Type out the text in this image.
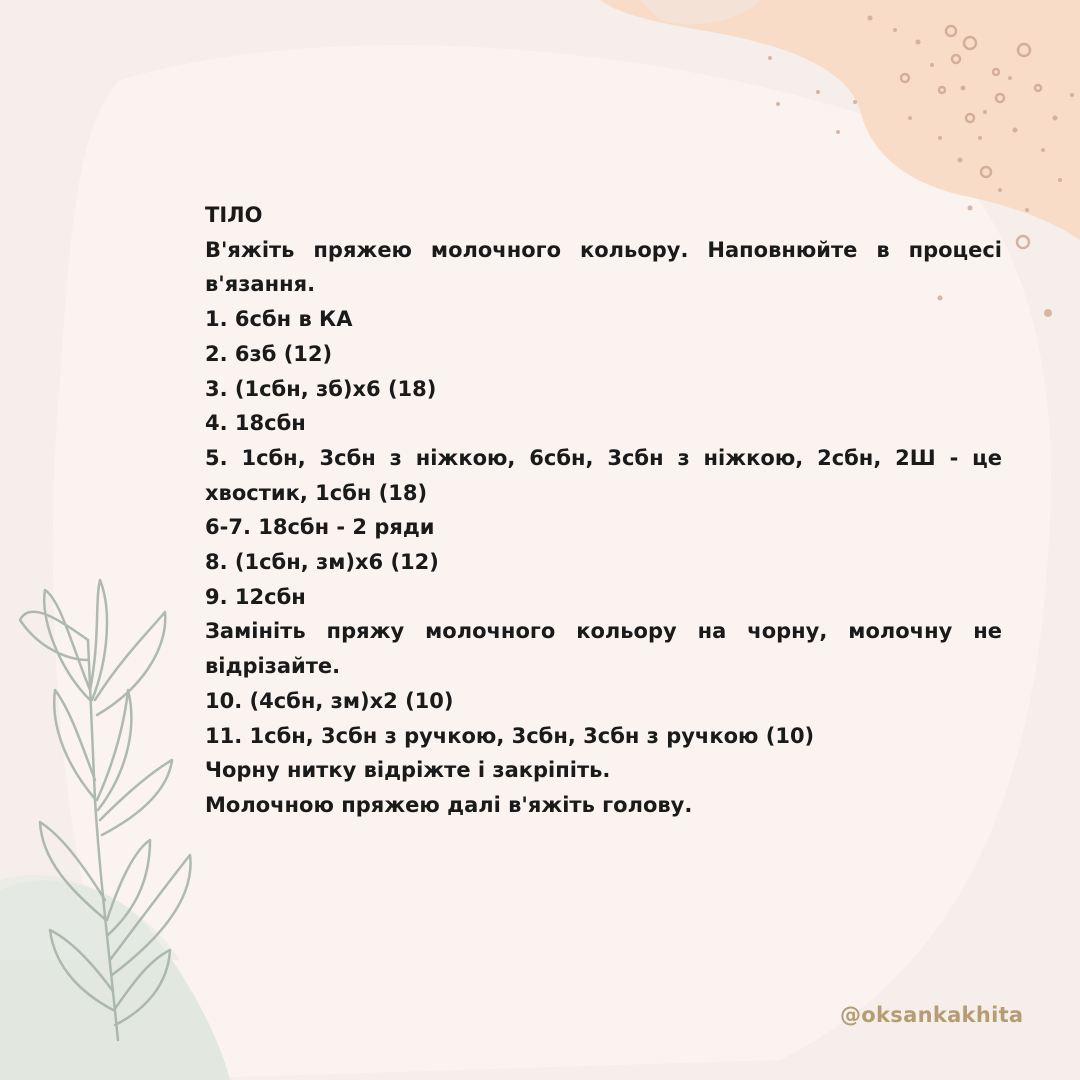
ТІЛО
В'яжіть пряжею молочного кольору. Наповнюйте в процесі
в'язання.
1. 6сбн в КА
2. 6зб (12)
3. (1сбн, зб)х6 (18)
4. 18сбн
5. 1сбн, 3сбн з ніжкою, 6сбн, 3сбн з ніжкою, 2сбн, 2Ш - це
хвостик, 1сбн (18)
6-7. 18сбн - 2 ряди
8. (1сбн, зм)х6 (12)
9. 12сбн
Замініть пряжу молочного кольору на чорну, молочну не
відрізайте.
10. (4сбн, зм)х2 (10)
11. 1сбн, 3сбн з ручкою, 3сбн, 3сбн з ручкою (10)
Чорну нитку відріжте і закріпіть.
Молочною пряжею далі в'яжіть голову.
@oksankakhita
